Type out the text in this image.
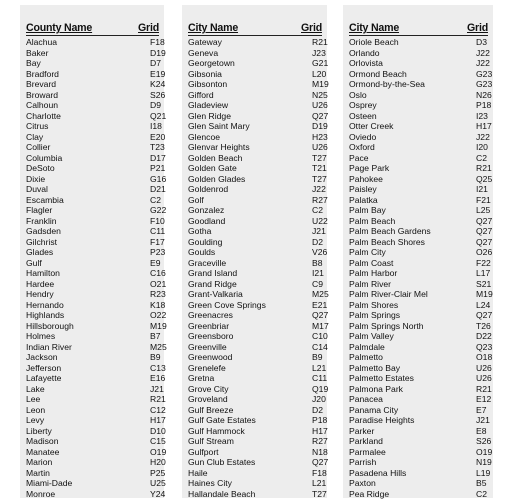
County Name	Grid
Alachua	F18
Baker	D19
Bay	D7
Bradford	E19
Brevard	K24
Broward	S26
Calhoun	D9
Charlotte	Q21
Citrus	I18
Clay	E20
Collier	T23
Columbia	D17
DeSoto	P21
Dixie	G16
Duval	D21
Escambia	C2
Flagler	G22
Franklin	F10
Gadsden	C11
Gilchrist	F17
Glades	P23
Gulf	E9
Hamilton	C16
Hardee	O21
Hendry	R23
Hernando	K18
Highlands	O22
Hillsborough	M19
Holmes	B7
Indian River	M25
Jackson	B9
Jefferson	C13
Lafayette	E16
Lake	J21
Lee	R21
Leon	C12
Levy	H17
Liberty	D10
Madison	C15
Manatee	O19
Marion	H20
Martin	P25
Miami-Dade	U25
Monroe	Y24
City Name	Grid
Gateway	R21
Geneva	J23
Georgetown	G21
Gibsonia	L20
Gibsonton	M19
Gifford	N25
Gladeview	U26
Glen Ridge	Q27
Glen Saint Mary	D19
Glencoe	H23
Glenvar Heights	U26
Golden Beach	T27
Golden Gate	T21
Golden Glades	T27
Goldenrod	J22
Golf	R27
Gonzalez	C2
Goodland	U22
Gotha	J21
Goulding	D2
Goulds	V26
Graceville	B8
Grand Island	I21
Grand Ridge	C9
Grant-Valkaria	M25
Green Cove Springs	E21
Greenacres	Q27
Greenbriar	M17
Greensboro	C10
Greenville	C14
Greenwood	B9
Grenelefe	L21
Gretna	C11
Grove City	Q19
Groveland	J20
Gulf Breeze	D2
Gulf Gate Estates	P18
Gulf Hammock	H17
Gulf Stream	R27
Gulfport	N18
Gun Club Estates	Q27
Haile	F18
Haines City	L21
Hallandale Beach	T27
City Name	Grid
Oriole Beach	D3
Orlando	J22
Orlovista	J22
Ormond Beach	G23
Ormond-by-the-Sea	G23
Oslo	N26
Osprey	P18
Osteen	I23
Otter Creek	H17
Oviedo	J22
Oxford	I20
Pace	C2
Page Park	R21
Pahokee	Q25
Paisley	I21
Palatka	F21
Palm Bay	L25
Palm Beach	Q27
Palm Beach Gardens	Q27
Palm Beach Shores	Q27
Palm City	O26
Palm Coast	F22
Palm Harbor	L17
Palm River	S21
Palm River-Clair Mel	M19
Palm Shores	L24
Palm Springs	Q27
Palm Springs North	T26
Palm Valley	D22
Palmdale	Q23
Palmetto	O18
Palmetto Bay	U26
Palmetto Estates	U26
Palmona Park	R21
Panacea	E12
Panama City	E7
Paradise Heights	J21
Parker	E8
Parkland	S26
Parmalee	O19
Parrish	N19
Pasadena Hills	L19
Paxton	B5
Pea Ridge	C2
